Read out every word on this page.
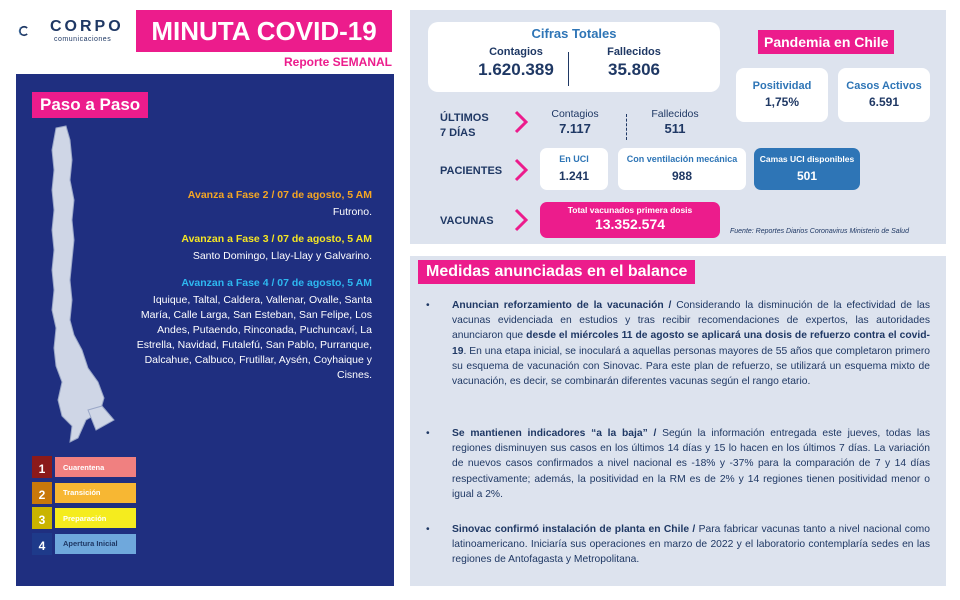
CORPO
comunicaciones	MINUTA COVID-19
Reporte SEMANAL
Paso a Paso
Avanza a Fase 2 / 07 de agosto, 5 AM
Futrono.
Avanzan a Fase 3 / 07 de agosto, 5 AM
Santo Domingo, Llay-Llay y Galvarino.
Avanzan a Fase 4 / 07 de agosto, 5 AM
Iquique, Taltal, Caldera, Vallenar, Ovalle, Santa María, Calle Larga, San Esteban, San Felipe, Los Andes, Putaendo, Rinconada, Puchuncaví, La Estrella, Navidad, Futalefú, San Pablo, Purranque, Dalcahue, Calbuco, Frutillar, Aysén, Coyhaique y Cisnes.
1	Cuarentena
2	Transición
3	Preparación
4	Apertura Inicial
Cifras Totales
Contagios
1.620.389
Fallecidos
35.806
Pandemia en Chile
Positividad
1,75%
Casos Activos
6.591
ÚLTIMOS
7 DÍAS
Contagios
7.117
Fallecidos
511
PACIENTES
En UCI
1.241
Con ventilación mecánica
988
Camas UCI disponibles
501
VACUNAS
Total vacunados primera dosis
13.352.574	Fuente: Reportes Diarios Coronavirus Ministerio de Salud
Medidas anunciadas en el balance
• Anuncian reforzamiento de la vacunación / Considerando la disminución de la efectividad de las vacunas evidenciada en estudios y tras recibir recomendaciones de expertos, las autoridades anunciaron que desde el miércoles 11 de agosto se aplicará una dosis de refuerzo contra el covid-19. En una etapa inicial, se inoculará a aquellas personas mayores de 55 años que completaron primero su esquema de vacunación con Sinovac. Para este plan de refuerzo, se utilizará un esquema mixto de vacunación, es decir, se combinarán diferentes vacunas según el rango etario.
• Se mantienen indicadores “a la baja” / Según la información entregada este jueves, todas las regiones disminuyen sus casos en los últimos 14 días y 15 lo hacen en los últimos 7 días. La variación de nuevos casos confirmados a nivel nacional es -18% y -37% para la comparación de 7 y 14 días respectivamente; además, la positividad en la RM es de 2% y 14 regiones tienen positividad menor o igual a 2%.
• Sinovac confirmó instalación de planta en Chile / Para fabricar vacunas tanto a nivel nacional como latinoamericano. Iniciaría sus operaciones en marzo de 2022 y el laboratorio contemplaría sedes en las regiones de Antofagasta y Metropolitana.
